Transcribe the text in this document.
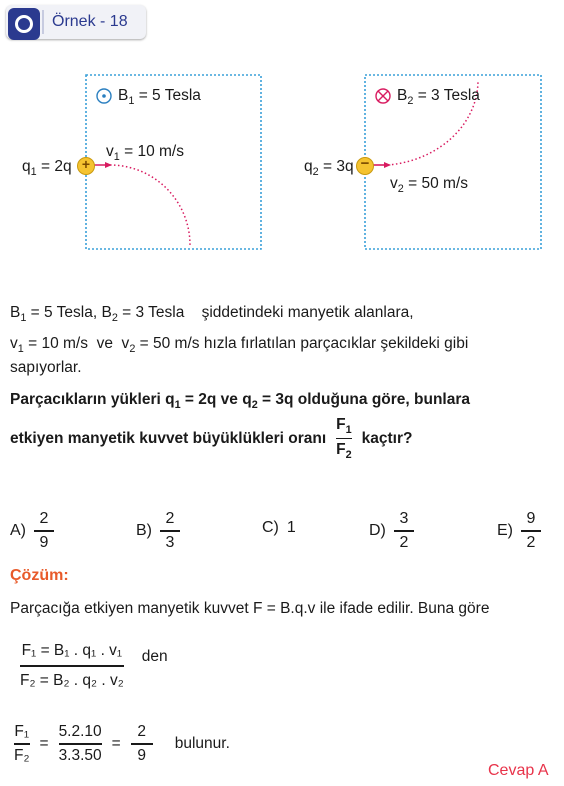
Örnek - 18
$B_1 = 5$ Tesla
$q_1 = 2q$ +
$v_1 = 10$ m/s
$B_2 = 3$ Tesla
$q_2 = 3q$ −
$v_2 = 50$ m/s
$B_1 = 5$ Tesla, $B_2 = 3$ Tesla    şiddetindeki manyetik alanlara,
$v_1 = 10$ m/s  ve  $v_2 = 50$ m/s hızla fırlatılan parçacıklar şekildeki gibi
sapıyorlar.
Parçacıkların yükleri $q_1 = 2q$ ve $q_2 = 3q$ olduğuna göre, bunlara
etkiyen manyetik kuvvet büyüklükleri oranı $\frac{F_1}{F_2}$ kaçtır?
$A) \frac{2}{9}$	$B) \frac{2}{3}$	C) 1	$D) \frac{3}{2}$	$E) \frac{9}{2}$
Çözüm:
Parçacığa etkiyen manyetik kuvvet F = B.q.v ile ifade edilir. Buna göre
$\frac{\text{F₁ = B₁ . q₁ . v₁}}{\text{F₂ = B₂ . q₂ . v₂}}$ den
$\frac{\text{F₁}}{\text{F₂}} = \frac{5.2.10}{3.3.50} = \frac{2}{9}$ bulunur.
Cevap A
